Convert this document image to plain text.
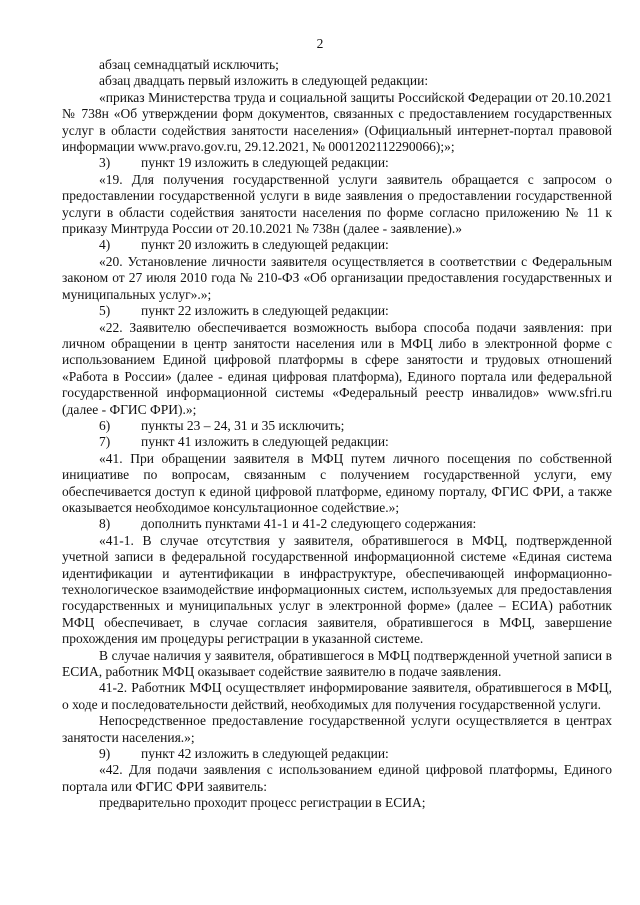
2

абзац семнадцатый исключить;

абзац двадцать первый изложить в следующей редакции:

«приказ Министерства труда и социальной защиты Российской Федерации от 20.10.2021 № 738н «Об утверждении форм документов, связанных с предоставлением государственных услуг в области содействия занятости населения» (Официальный интернет-портал правовой информации www.pravo.gov.ru, 29.12.2021, № 0001202112290066);»;

3) пункт 19 изложить в следующей редакции:

«19. Для получения государственной услуги заявитель обращается с запросом о предоставлении государственной услуги в виде заявления о предоставлении государственной услуги в области содействия занятости населения по форме согласно приложению № 11 к приказу Минтруда России от 20.10.2021 № 738н (далее - заявление).»

4) пункт 20 изложить в следующей редакции:

«20. Установление личности заявителя осуществляется в соответствии с Федеральным законом от 27 июля 2010 года № 210-ФЗ «Об организации предоставления государственных и муниципальных услуг».»;

5) пункт 22 изложить в следующей редакции:

«22. Заявителю обеспечивается возможность выбора способа подачи заявления: при личном обращении в центр занятости населения или в МФЦ либо в электронной форме с использованием Единой цифровой платформы в сфере занятости и трудовых отношений «Работа в России» (далее - единая цифровая платформа), Единого портала или федеральной государственной информационной системы «Федеральный реестр инвалидов» www.sfri.ru (далее - ФГИС ФРИ).»;

6) пункты 23 – 24, 31 и 35 исключить;

7) пункт 41 изложить в следующей редакции:

«41. При обращении заявителя в МФЦ путем личного посещения по собственной инициативе по вопросам, связанным с получением государственной услуги, ему обеспечивается доступ к единой цифровой платформе, единому порталу, ФГИС ФРИ, а также оказывается необходимое консультационное содействие.»;

8) дополнить пунктами 41-1 и 41-2 следующего содержания:

«41-1. В случае отсутствия у заявителя, обратившегося в МФЦ, подтвержденной учетной записи в федеральной государственной информационной системе «Единая система идентификации и аутентификации в инфраструктуре, обеспечивающей информационно-технологическое взаимодействие информационных систем, используемых для предоставления государственных и муниципальных услуг в электронной форме» (далее – ЕСИА) работник МФЦ обеспечивает, в случае согласия заявителя, обратившегося в МФЦ, завершение прохождения им процедуры регистрации в указанной системе.

В случае наличия у заявителя, обратившегося в МФЦ подтвержденной учетной записи в ЕСИА, работник МФЦ оказывает содействие заявителю в подаче заявления.

41-2. Работник МФЦ осуществляет информирование заявителя, обратившегося в МФЦ, о ходе и последовательности действий, необходимых для получения государственной услуги.

Непосредственное предоставление государственной услуги осуществляется в центрах занятости населения.»;

9) пункт 42 изложить в следующей редакции:

«42. Для подачи заявления с использованием единой цифровой платформы, Единого портала или ФГИС ФРИ заявитель:

предварительно проходит процесс регистрации в ЕСИА;
